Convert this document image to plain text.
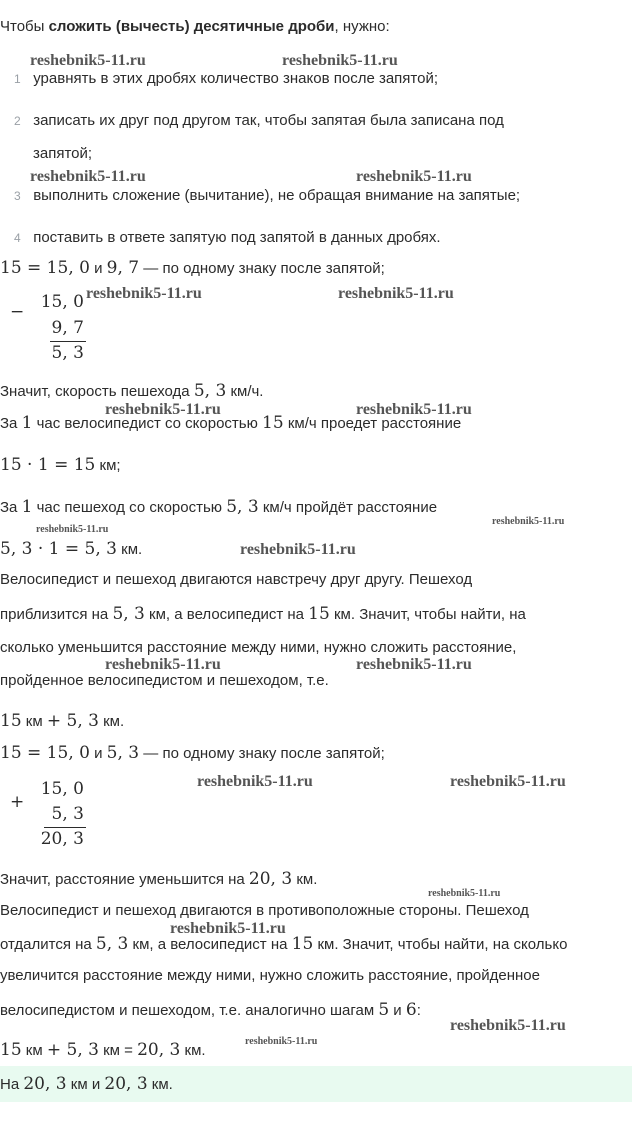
Чтобы сложить (вычесть) десятичные дроби, нужно:
1 уравнять в этих дробях количество знаков после запятой;
2 записать их друг под другом так, чтобы запятая была записана под
запятой;
3 выполнить сложение (вычитание), не обращая внимание на запятые;
4 поставить в ответе запятую под запятой в данных дробях.
15 = 15, 0 и 9, 7 — по одному знаку после запятой;
− 15, 0
9, 7
5, 3
Значит, скорость пешехода 5, 3 км/ч.
За 1 час велосипедист со скоростью 15 км/ч проедет расстояние
15 · 1 = 15 км;
За 1 час пешеход со скоростью 5, 3 км/ч пройдёт расстояние
5, 3 · 1 = 5, 3 км.
Велосипедист и пешеход двигаются навстречу друг другу. Пешеход
приблизится на 5, 3 км, а велосипедист на 15 км. Значит, чтобы найти, на
сколько уменьшится расстояние между ними, нужно сложить расстояние,
пройденное велосипедистом и пешеходом, т.е.
15 км + 5, 3 км.
15 = 15, 0 и 5, 3 — по одному знаку после запятой;
+
15, 0
5, 3
20, 3
Значит, расстояние уменьшится на 20, 3 км.
Велосипедист и пешеход двигаются в противоположные стороны. Пешеход
отдалится на 5, 3 км, а велосипедист на 15 км. Значит, чтобы найти, на сколько
увеличится расстояние между ними, нужно сложить расстояние, пройденное
велосипедистом и пешеходом, т.е. аналогично шагам 5 и 6:
15 км + 5, 3 км = 20, 3 км.
На 20, 3 км и 20, 3 км.
reshebnik5-11.ru	reshebnik5-11.ru
reshebnik5-11.ru	reshebnik5-11.ru
reshebnik5-11.ru	reshebnik5-11.ru
reshebnik5-11.ru	reshebnik5-11.ru
reshebnik5-11.ru
reshebnik5-11.ru
reshebnik5-11.ru
reshebnik5-11.ru	reshebnik5-11.ru
reshebnik5-11.ru	reshebnik5-11.ru
reshebnik5-11.ru
reshebnik5-11.ru
reshebnik5-11.ru
reshebnik5-11.ru
